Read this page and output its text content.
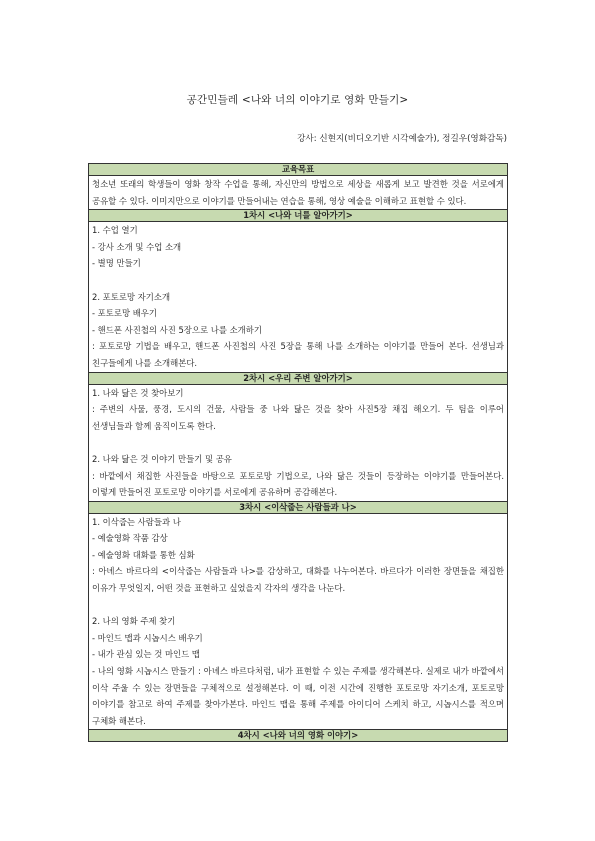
공간민들레 <나와 너의 이야기로 영화 만들기>
강사: 신현지(비디오기반 시각예술가), 정길우(영화감독)
교육목표
청소년 또래의 학생들이 영화 창작 수업을 통해, 자신만의 방법으로 세상을 새롭게 보고 발견한 것을 서로에게 공유할 수 있다. 이미지만으로 이야기를 만들어내는 연습을 통해, 영상 예술을 이해하고 표현할 수 있다.
1차시 <나와 너를 알아가기>

1. 수업 열기
- 강사 소개 및 수업 소개
- 별명 만들기
2. 포토로망 자기소개
- 포토로망 배우기
- 핸드폰 사진첩의 사진 5장으로 나를 소개하기
: 포토로망 기법을 배우고, 핸드폰 사진첩의 사진 5장을 통해 나를 소개하는 이야기를 만들어 본다. 선생님과 친구들에게 나를 소개해본다.

2차시 <우리 주변 알아가기>

1. 나와 닮은 것 찾아보기
: 주변의 사물, 풍경, 도시의 건물, 사람들 중 나와 닮은 것을 찾아 사진5장 채집 해오기. 두 팀을 이루어 선생님들과 함께 움직이도록 한다.
2. 나와 닮은 것 이야기 만들기 및 공유
: 바깥에서 채집한 사진들을 바탕으로 포토로망 기법으로, 나와 닮은 것들이 등장하는 이야기를 만들어본다. 이렇게 만들어진 포토로망 이야기를 서로에게 공유하며 공감해본다.

3차시 <이삭줍는 사람들과 나>

1. 이삭줍는 사람들과 나
- 예술영화 작품 감상
- 예술영화 대화를 통한 심화
: 아녜스 바르다의 <이삭줍는 사람들과 나>를 감상하고, 대화를 나누어본다. 바르다가 이러한 장면들을 채집한 이유가 무엇일지, 어떤 것을 표현하고 싶었을지 각자의 생각을 나눈다.
2. 나의 영화 주제 찾기
- 마인드 맵과 시놉시스 배우기
- 내가 관심 있는 것 마인드 맵
- 나의 영화 시놉시스 만들기 : 아녜스 바르다처럼, 내가 표현할 수 있는 주제를 생각해본다. 실제로 내가 바깥에서 이삭 주울 수 있는 장면들을 구체적으로 설정해본다. 이 때, 이전 시간에 진행한 포토로망 자기소개, 포토로망 이야기를 참고로 하여 주제를 찾아가본다. 마인드 맵을 통해 주제를 아이디어 스케치 하고, 시놉시스를 적으며 구체화 해본다.

4차시 <나와 너의 영화 이야기>
